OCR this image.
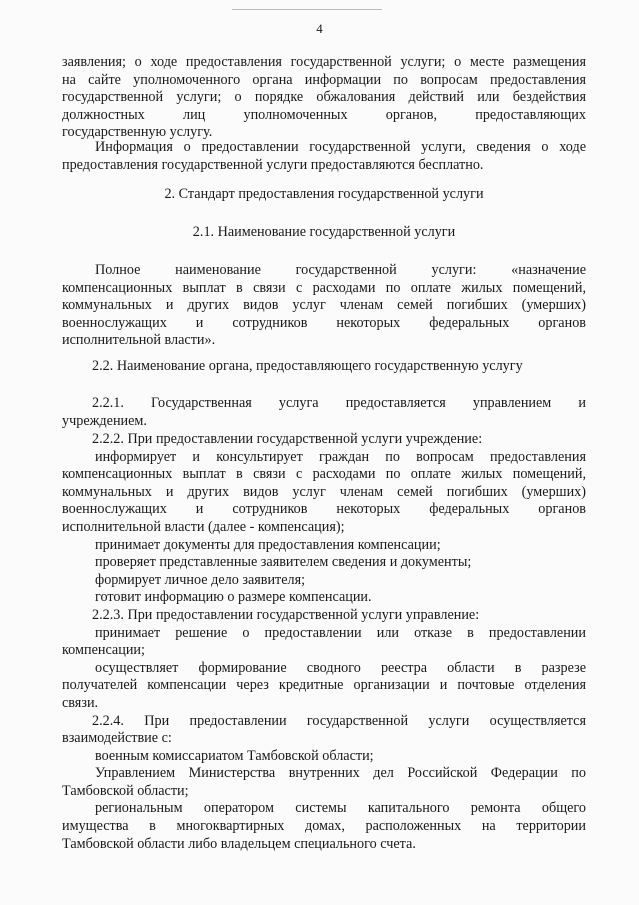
4

заявления; о ходе предоставления государственной услуги; о месте размещения

на сайте уполномоченного органа информации по вопросам предоставления

государственной услуги; о порядке обжалования действий или бездействия

должностных лиц уполномоченных органов, предоставляющих

государственную услугу.

Информация о предоставлении государственной услуги, сведения о ходе

предоставления государственной услуги предоставляются бесплатно.

2. Стандарт предоставления государственной услуги
2.1. Наименование государственной услуги

Полное наименование государственной услуги: «назначение

компенсационных выплат в связи с расходами по оплате жилых помещений,

коммунальных и других видов услуг членам семей погибших (умерших)

военнослужащих и сотрудников некоторых федеральных органов

исполнительной власти».

2.2. Наименование органа, предоставляющего государственную услугу

2.2.1. Государственная услуга предоставляется управлением и

учреждением.

2.2.2. При предоставлении государственной услуги учреждение:

информирует и консультирует граждан по вопросам предоставления

компенсационных выплат в связи с расходами по оплате жилых помещений,

коммунальных и других видов услуг членам семей погибших (умерших)

военнослужащих и сотрудников некоторых федеральных органов

исполнительной власти (далее - компенсация);

принимает документы для предоставления компенсации;

проверяет представленные заявителем сведения и документы;

формирует личное дело заявителя;

готовит информацию о размере компенсации.

2.2.3. При предоставлении государственной услуги управление:

принимает решение о предоставлении или отказе в предоставлении

компенсации;

осуществляет формирование сводного реестра области в разрезе

получателей компенсации через кредитные организации и почтовые отделения

связи.

2.2.4. При предоставлении государственной услуги осуществляется

взаимодействие с:

военным комиссариатом Тамбовской области;

Управлением Министерства внутренних дел Российской Федерации по

Тамбовской области;

региональным оператором системы капитального ремонта общего

имущества в многоквартирных домах, расположенных на территории

Тамбовской области либо владельцем специального счета.
